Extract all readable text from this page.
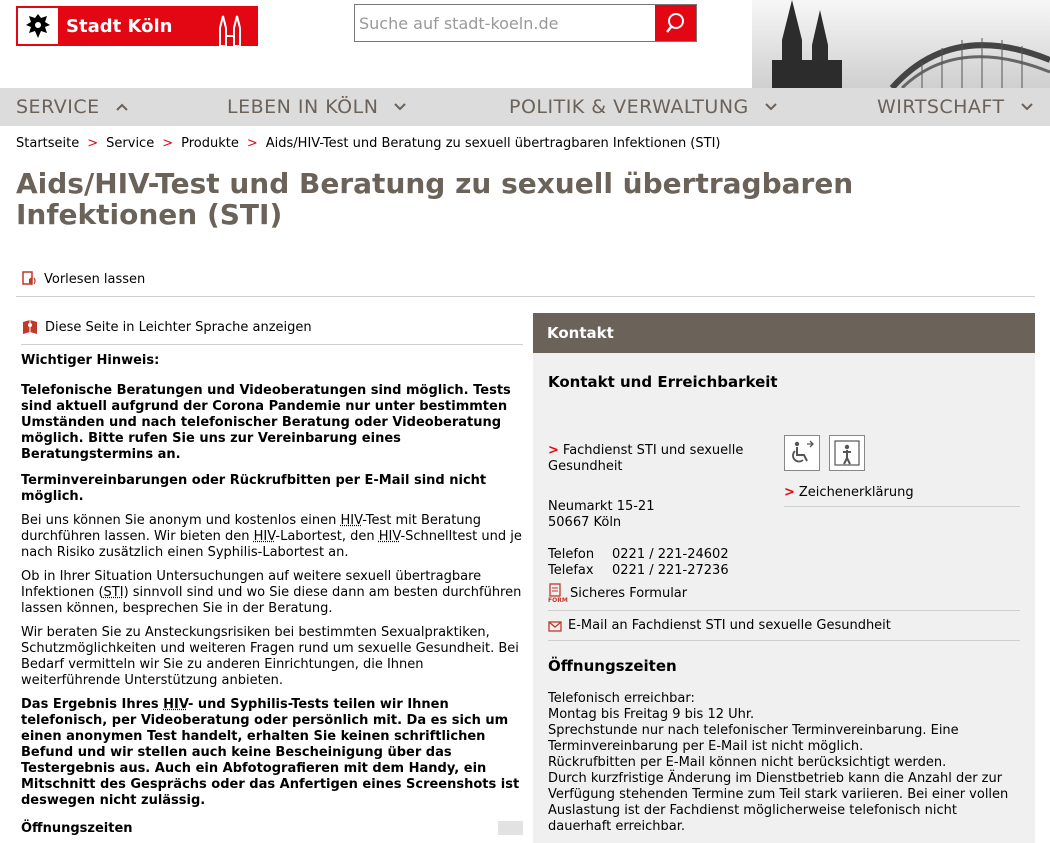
Stadt Köln
Suche auf stadt-koeln.de
SERVICE	LEBEN IN KÖLN	POLITIK & VERWALTUNG	WIRTSCHAFT
Startseite > Service > Produkte > Aids/HIV-Test und Beratung zu sexuell übertragbaren Infektionen (STI)
Aids/HIV-Test und Beratung zu sexuell übertragbaren Infektionen (STI)
Vorlesen lassen
Diese Seite in Leichter Sprache anzeigen
Wichtiger Hinweis:

Telefonische Beratungen und Videoberatungen sind möglich. Tests sind aktuell aufgrund der Corona Pandemie nur unter bestimmten Umständen und nach telefonischer Beratung oder Videoberatung möglich. Bitte rufen Sie uns zur Vereinbarung eines Beratungstermins an.

Terminvereinbarungen oder Rückrufbitten per E-Mail sind nicht möglich.

Bei uns können Sie anonym und kostenlos einen HIV-Test mit Beratung durchführen lassen. Wir bieten den HIV-Labortest, den HIV-Schnelltest und je nach Risiko zusätzlich einen Syphilis-Labortest an.

Ob in Ihrer Situation Untersuchungen auf weitere sexuell übertragbare Infektionen (STI) sinnvoll sind und wo Sie diese dann am besten durchführen lassen können, besprechen Sie in der Beratung.

Wir beraten Sie zu Ansteckungsrisiken bei bestimmten Sexualpraktiken, Schutzmöglichkeiten und weiteren Fragen rund um sexuelle Gesundheit. Bei Bedarf vermitteln wir Sie zu anderen Einrichtungen, die Ihnen weiterführende Unterstützung anbieten.

Das Ergebnis Ihres HIV- und Syphilis-Tests teilen wir Ihnen telefonisch, per Videoberatung oder persönlich mit. Da es sich um einen anonymen Test handelt, erhalten Sie keinen schriftlichen Befund und wir stellen auch keine Bescheinigung über das Testergebnis aus. Auch ein Abfotografieren mit dem Handy, ein Mitschnitt des Gesprächs oder das Anfertigen eines Screenshots ist deswegen nicht zulässig.

Öffnungszeiten
Kontakt
Kontakt und Erreichbarkeit
> Fachdienst STI und sexuelle Gesundheit
Neumarkt 15-21
50667 Köln
Telefon 0221 / 221-24602
Telefax 0221 / 221-27236

> Zeichenerklärung
FORM Sicheres Formular
E-Mail an Fachdienst STI und sexuelle Gesundheit
Öffnungszeiten
Telefonisch erreichbar:
Montag bis Freitag 9 bis 12 Uhr.
Sprechstunde nur nach telefonischer Terminvereinbarung. Eine Terminvereinbarung per E-Mail ist nicht möglich.
Rückrufbitten per E-Mail können nicht berücksichtigt werden.
Durch kurzfristige Änderung im Dienstbetrieb kann die Anzahl der zur Verfügung stehenden Termine zum Teil stark variieren. Bei einer vollen Auslastung ist der Fachdienst möglicherweise telefonisch nicht dauerhaft erreichbar.
